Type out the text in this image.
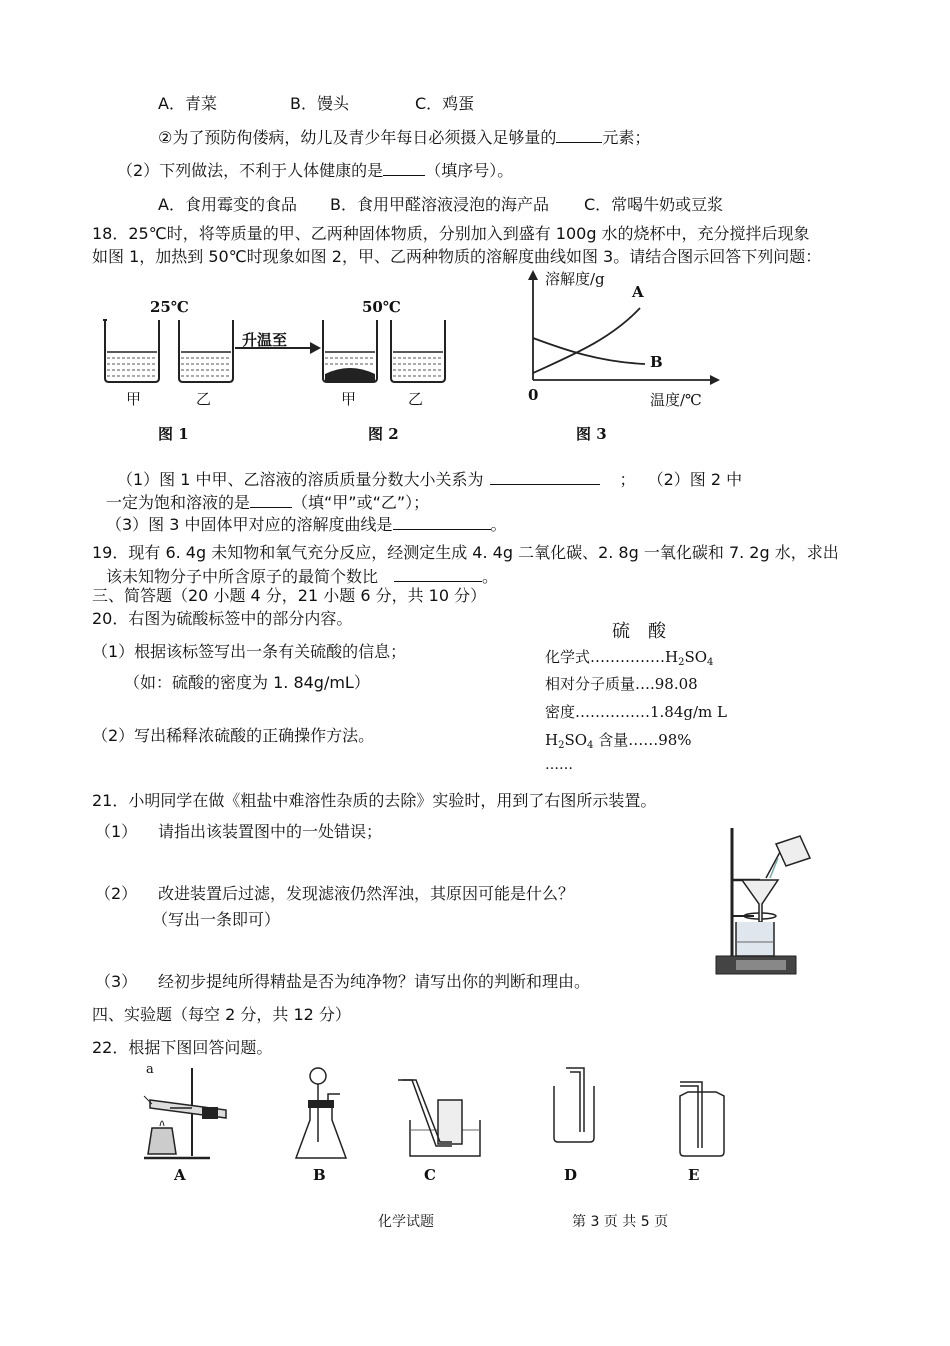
A．青菜	B．馒头	C．鸡蛋
②为了预防佝偻病，幼儿及青少年每日必须摄入足够量的	元素；
（2）下列做法，不利于人体健康的是	（填序号）。
A．食用霉变的食品 B．食用甲醛溶液浸泡的海产品 C．常喝牛奶或豆浆
18．25℃时，将等质量的甲、乙两种固体物质，分别加入到盛有 100g 水的烧杯中，充分搅拌后现象
如图 1，加热到 50℃时现象如图 2，甲、乙两种物质的溶解度曲线如图 3。请结合图示回答下列问题：
25℃	50℃
升温至
甲	乙	甲	乙
图 1	图 2	图 3
溶解度/g
温度/℃
0
A
B
（1）图 1 中甲、乙溶液的溶质质量分数大小关系为	； （2）图 2 中
一定为饱和溶液的是	（填“甲”或“乙”）；
（3）图 3 中固体甲对应的溶解度曲线是	。
19．现有 6. 4g 未知物和氧气充分反应，经测定生成 4. 4g 二氧化碳、2. 8g 一氧化碳和 7. 2g 水，求出
该未知物分子中所含原子的最简个数比	。
三、简答题（20 小题 4 分，21 小题 6 分，共 10 分）
20．右图为硫酸标签中的部分内容。
（1）根据该标签写出一条有关硫酸的信息；
（如：硫酸的密度为 1. 84g/mL）
（2）写出稀释浓硫酸的正确操作方法。
硫　酸
化学式$\dots\dots\dots\dots\dots H_2SO_4$
相对分子质量….98.08
密度……………1.84g/m L
$H_2SO_4$ 含量……98%
……
21．小明同学在做《粗盐中难溶性杂质的去除》实验时，用到了右图所示装置。
（1） 请指出该装置图中的一处错误；
（2） 改进装置后过滤，发现滤液仍然浑浊，其原因可能是什么？
（写出一条即可）
（3） 经初步提纯所得精盐是否为纯净物？请写出你的判断和理由。
四、实验题（每空 2 分，共 12 分）
22．根据下图回答问题。
a
A	B	C	D	E
化学试题	第 3 页 共 5 页
